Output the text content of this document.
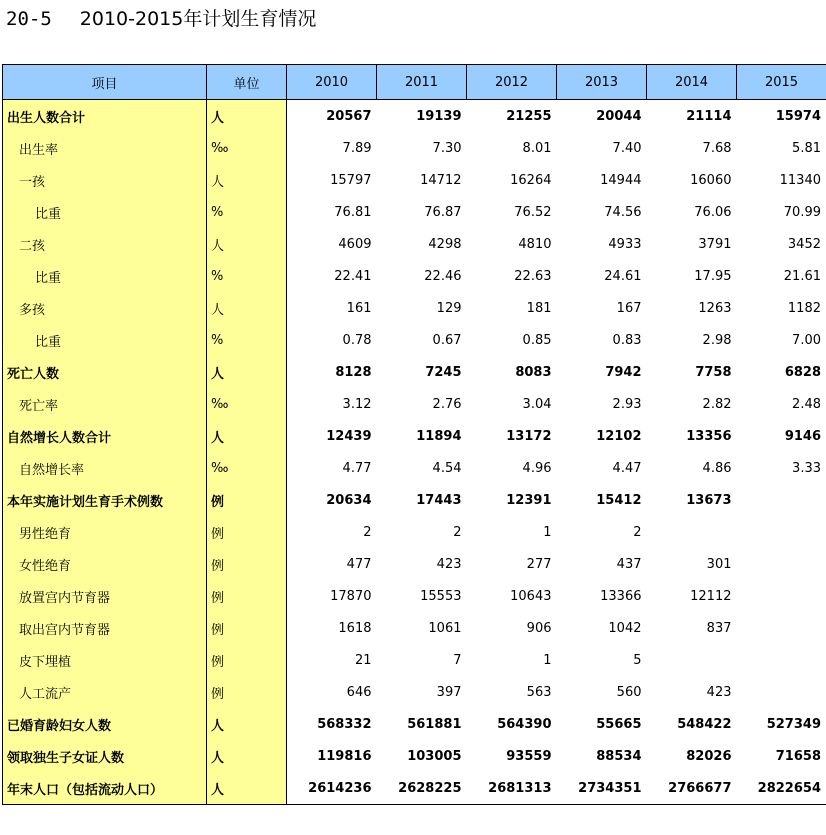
20-5 2010-2015年计划生育情况
项目	单位	2010	2011	2012	2013	2014	2015
出生人数合计	人	20567	19139	21255	20044	21114	15974
出生率	‰	7.89	7.30	8.01	7.40	7.68	5.81
一孩	人	15797	14712	16264	14944	16060	11340
比重	%	76.81	76.87	76.52	74.56	76.06	70.99
二孩	人	4609	4298	4810	4933	3791	3452
比重	%	22.41	22.46	22.63	24.61	17.95	21.61
多孩	人	161	129	181	167	1263	1182
比重	%	0.78	0.67	0.85	0.83	2.98	7.00
死亡人数	人	8128	7245	8083	7942	7758	6828
死亡率	‰	3.12	2.76	3.04	2.93	2.82	2.48
自然增长人数合计	人	12439	11894	13172	12102	13356	9146
自然增长率	‰	4.77	4.54	4.96	4.47	4.86	3.33
本年实施计划生育手术例数	例	20634	17443	12391	15412	13673	
男性绝育	例	2	2	1	2		
女性绝育	例	477	423	277	437	301	
放置宫内节育器	例	17870	15553	10643	13366	12112	
取出宫内节育器	例	1618	1061	906	1042	837	
皮下埋植	例	21	7	1	5		
人工流产	例	646	397	563	560	423	
已婚育龄妇女人数	人	568332	561881	564390	55665	548422	527349
领取独生子女证人数	人	119816	103005	93559	88534	82026	71658
年末人口（包括流动人口）	人	2614236	2628225	2681313	2734351	2766677	2822654
